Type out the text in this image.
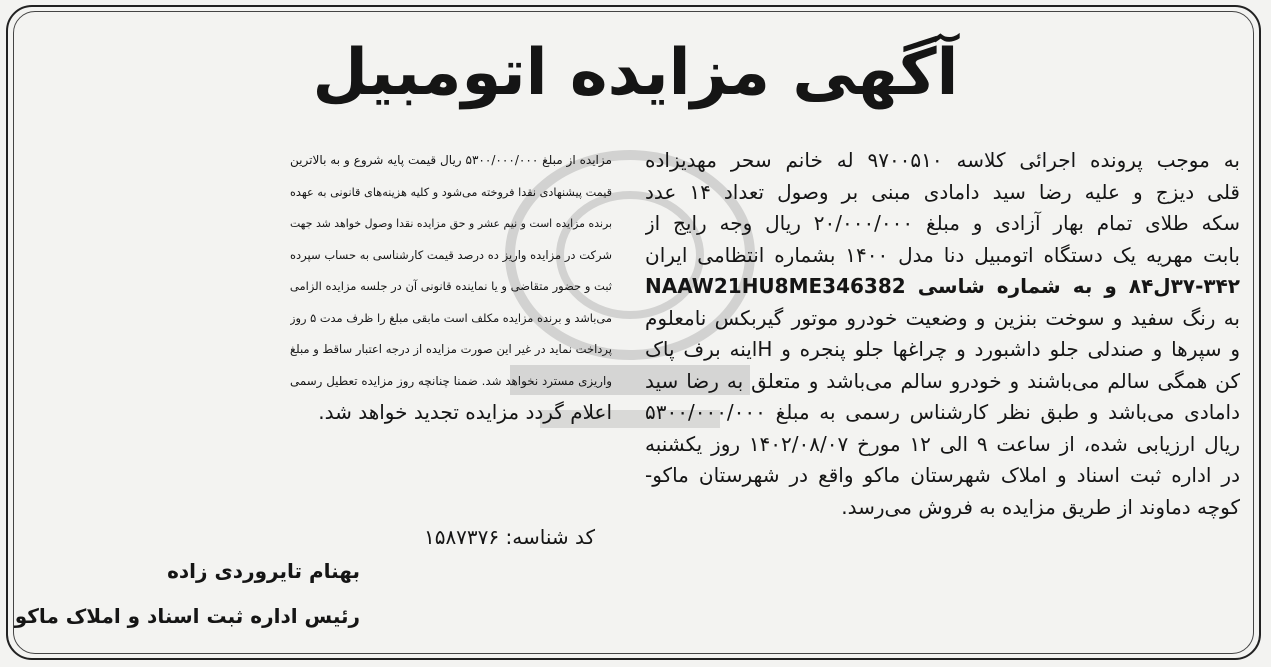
آگهی مزایده اتومبیل
به موجب پرونده اجرائی کلاسه ۹۷۰۰۵۱۰ له خانم سحر مهدیزاده
قلی دیزج و علیه رضا سید دامادی مبنی بر وصول تعداد ۱۴ عدد
سکه طلای تمام بهار آزادی و مبلغ ۲۰/۰۰۰/۰۰۰ ریال وجه رایج از
بابت مهریه یک دستگاه اتومبیل دنا مدل ۱۴۰۰ بشماره انتظامی ایران
۳۷-۳۴۲ل۸۴ و به شماره شاسی NAAW21HU8ME346382
به رنگ سفید و سوخت بنزین و وضعیت خودرو موتور گیربکس نامعلوم
و سپرها و صندلی جلو داشبورد و چراغها جلو پنجره و Hاینه برف پاک
کن همگی سالم می‌باشند و خودرو سالم می‌باشد و متعلق به رضا سید
دامادی می‌باشد و طبق نظر کارشناس رسمی به مبلغ ۵۳۰۰/۰۰۰/۰۰۰
ریال ارزیابی شده، از ساعت ۹ الی ۱۲ مورخ ۱۴۰۲/۰۸/۰۷ روز یکشنبه
در اداره ثبت اسناد و املاک شهرستان ماکو واقع در شهرستان ماکو-
کوچه دماوند از طریق مزایده به فروش می‌رسد.
مزایده از مبلغ ۵۳۰۰/۰۰۰/۰۰۰ ریال قیمت پایه شروع و به بالاترین
قیمت پیشنهادی نقدا فروخته می‌شود و کلیه هزینه‌های قانونی به عهده
برنده مزایده است و نیم عشر و حق مزایده نقدا وصول خواهد شد جهت
شرکت در مزایده واریز ده درصد قیمت کارشناسی به حساب سپرده
ثبت و حضور متقاضی و یا نماینده قانونی آن در جلسه مزایده الزامی
می‌باشد و برنده مزایده مکلف است مابقی مبلغ را ظرف مدت ۵ روز
پرداخت نماید در غیر این صورت مزایده از درجه اعتبار ساقط و مبلغ
واریزی مسترد نخواهد شد. ضمنا چنانچه روز مزایده تعطیل رسمی
اعلام گردد مزایده تجدید خواهد شد.
کد شناسه: ۱۵۸۷۳۷۶
بهنام تایروردی زاده
رئیس اداره ثبت اسناد و املاک ماکو
